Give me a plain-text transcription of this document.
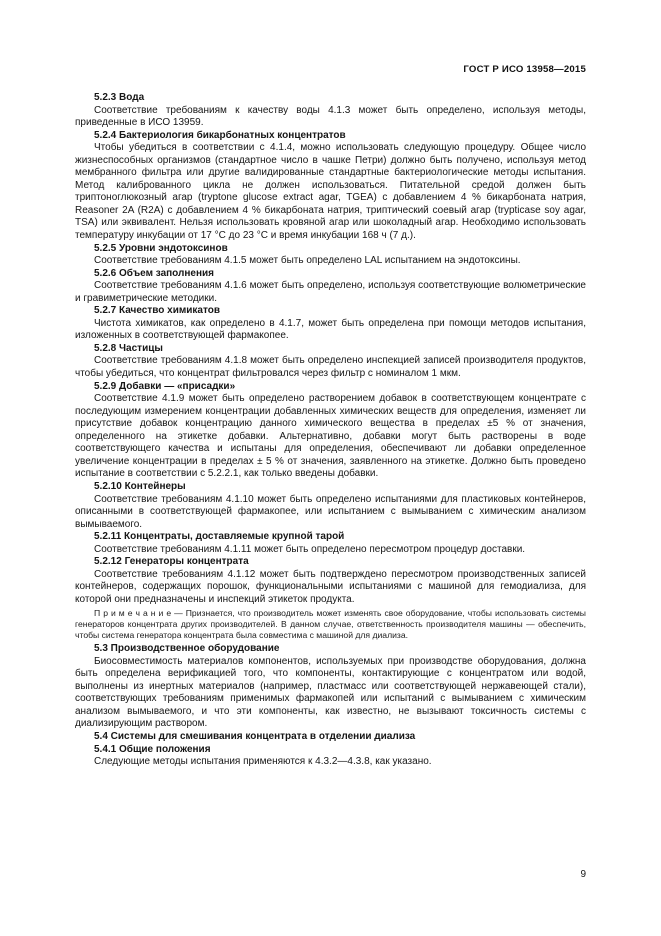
ГОСТ Р ИСО 13958—2015

5.2.3 Вода

Соответствие требованиям к качеству воды 4.1.3 может быть определено, используя методы, приведенные в ИСО 13959.

5.2.4 Бактериология бикарбонатных концентратов

Чтобы убедиться в соответствии с 4.1.4, можно использовать следующую процедуру. Общее число жизнеспособных организмов (стандартное число в чашке Петри) должно быть получено, используя метод мембранного фильтра или другие валидированные стандартные бактериологические методы испытания. Метод калиброванного цикла не должен использоваться. Питательной средой должен быть триптоноглюкозный агар (tryptone glucose extract agar, TGEA) с добавлением 4 % бикарбоната натрия, Reasoner 2A (R2A) с добавлением 4 % бикарбоната натрия, триптический соевый агар (trypticase soy agar, TSA) или эквивалент. Нельзя использовать кровяной агар или шоколадный агар. Необходимо использовать температуру инкубации от 17 °С до 23 °С и время инкубации 168 ч (7 д.).

5.2.5 Уровни эндотоксинов

Соответствие требованиям 4.1.5 может быть определено LAL испытанием на эндотоксины.

5.2.6 Объем заполнения

Соответствие требованиям 4.1.6 может быть определено, используя соответствующие волюметрические и гравиметрические методики.

5.2.7 Качество химикатов

Чистота химикатов, как определено в 4.1.7, может быть определена при помощи методов испытания, изложенных в соответствующей фармакопее.

5.2.8 Частицы

Соответствие требованиям 4.1.8 может быть определено инспекцией записей производителя продуктов, чтобы убедиться, что концентрат фильтровался через фильтр с номиналом 1 мкм.

5.2.9 Добавки — «присадки»

Соответствие 4.1.9 может быть определено растворением добавок в соответствующем концентрате с последующим измерением концентрации добавленных химических веществ для определения, изменяет ли присутствие добавок концентрацию данного химического вещества в пределах ±5 % от значения, определенного на этикетке добавки. Альтернативно, добавки могут быть растворены в воде соответствующего качества и испытаны для определения, обеспечивают ли добавки определенное увеличение концентрации в пределах ± 5 % от значения, заявленного на этикетке. Должно быть проведено испытание в соответствии с 5.2.2.1, как только введены добавки.

5.2.10 Контейнеры

Соответствие требованиям 4.1.10 может быть определено испытаниями для пластиковых контейнеров, описанными в соответствующей фармакопее, или испытанием с вымыванием с химическим анализом вымываемого.

5.2.11 Концентраты, доставляемые крупной тарой

Соответствие требованиям 4.1.11 может быть определено пересмотром процедур доставки.

5.2.12 Генераторы концентрата

Соответствие требованиям 4.1.12 может быть подтверждено пересмотром производственных записей контейнеров, содержащих порошок, функциональными испытаниями с машиной для гемодиализа, для которой они предназначены и инспекций этикеток продукта.

П р и м е ч а н и е — Признается, что производитель может изменять свое оборудование, чтобы использовать системы генераторов концентрата других производителей. В данном случае, ответственность производителя машины — обеспечить, чтобы система генератора концентрата была совместима с машиной для диализа.

5.3 Производственное оборудование

Биосовместимость материалов компонентов, используемых при производстве оборудования, должна быть определена верификацией того, что компоненты, контактирующие с концентратом или водой, выполнены из инертных материалов (например, пластмасс или соответствующей нержавеющей стали), соответствующих требованиям применимых фармакопей или испытаний с вымыванием с химическим анализом вымываемого, и что эти компоненты, как известно, не вызывают токсичность системы с диализирующим раствором.

5.4 Системы для смешивания концентрата в отделении диализа

5.4.1 Общие положения

Следующие методы испытания применяются к 4.3.2—4.3.8, как указано.

9
